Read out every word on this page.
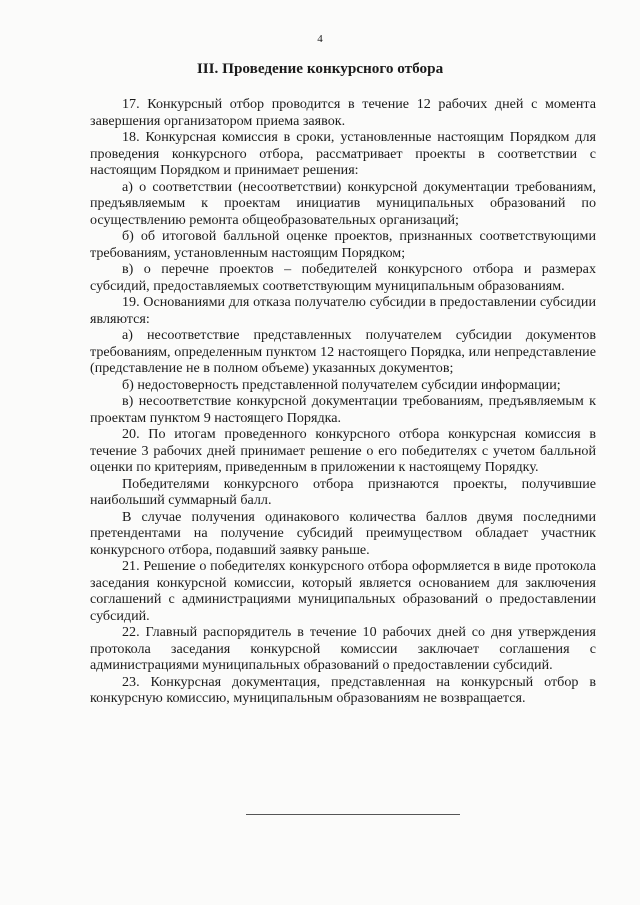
4
III. Проведение конкурсного отбора

17. Конкурсный отбор проводится в течение 12 рабочих дней с момента завершения организатором приема заявок.

18. Конкурсная комиссия в сроки, установленные настоящим Порядком для проведения конкурсного отбора, рассматривает проекты в соответствии с настоящим Порядком и принимает решения:

а) о соответствии (несоответствии) конкурсной документации требованиям, предъявляемым к проектам инициатив муниципальных образований по осуществлению ремонта общеобразовательных организаций;

б) об итоговой балльной оценке проектов, признанных соответствующими требованиям, установленным настоящим Порядком;

в) о перечне проектов – победителей конкурсного отбора и размерах субсидий, предоставляемых соответствующим муниципальным образованиям.

19. Основаниями для отказа получателю субсидии в предоставлении субсидии являются:

а) несоответствие представленных получателем субсидии документов требованиям, определенным пунктом 12 настоящего Порядка, или непредставление (представление не в полном объеме) указанных документов;

б) недостоверность представленной получателем субсидии информации;

в) несоответствие конкурсной документации требованиям, предъявляемым к проектам пунктом 9 настоящего Порядка.

20. По итогам проведенного конкурсного отбора конкурсная комиссия в течение 3 рабочих дней принимает решение о его победителях с учетом балльной оценки по критериям, приведенным в приложении к настоящему Порядку.

Победителями конкурсного отбора признаются проекты, получившие наибольший суммарный балл.

В случае получения одинакового количества баллов двумя последними претендентами на получение субсидий преимуществом обладает участник конкурсного отбора, подавший заявку раньше.

21. Решение о победителях конкурсного отбора оформляется в виде протокола заседания конкурсной комиссии, который является основанием для заключения соглашений с администрациями муниципальных образований о предоставлении субсидий.

22. Главный распорядитель в течение 10 рабочих дней со дня утверждения протокола заседания конкурсной комиссии заключает соглашения с администрациями муниципальных образований о предоставлении субсидий.

23. Конкурсная документация, представленная на конкурсный отбор в конкурсную комиссию, муниципальным образованиям не возвращается.
